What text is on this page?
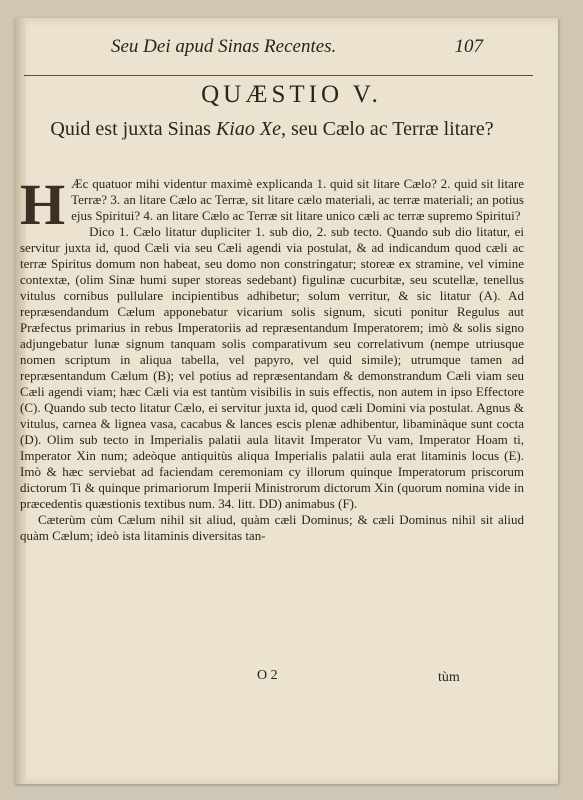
Seu Dei apud Sinas Recentes.	107
QUÆSTIO V.
Quid est juxta Sinas Kiao Xe, seu Cælo ac Terræ litare?

H Æc quatuor mihi videntur maximè explicanda 1. quid sit litare Cælo? 2. quid sit litare Terræ? 3. an litare Cælo ac Terræ, sit litare cælo materiali, ac terræ materiali; an potius ejus Spiritui? 4. an litare Cælo ac Terræ sit litare unico cæli ac terræ supremo Spiritui?

Dico 1. Cælo litatur dupliciter 1. sub dio, 2. sub tecto. Quando sub dio litatur, ei servitur juxta id, quod Cæli via seu Cæli agendi via postulat, & ad indicandum quod cæli ac terræ Spiritus domum non habeat, seu domo non constringatur; storeæ ex stramine, vel vimine contextæ, (olim Sinæ humi super storeas sedebant) figulinæ cucurbitæ, seu scutellæ, tenellus vitulus cornibus pullulare incipientibus adhibetur; solum verritur, & sic litatur (A). Ad repræsendandum Cælum apponebatur vicarium solis signum, sicuti ponitur Regulus aut Præfectus primarius in rebus Imperatoriis ad repræsentandum Imperatorem; imò & solis signo adjungebatur lunæ signum tanquam solis comparativum seu correlativum (nempe utriusque nomen scriptum in aliqua tabella, vel papyro, vel quid simile); utrumque tamen ad repræsentandum Cælum (B); vel potius ad repræsentandam & demonstrandum Cæli viam seu Cæli agendi viam; hæc Cæli via est tantùm visibilis in suis effectis, non autem in ipso Effectore (C). Quando sub tecto litatur Cælo, ei servitur juxta id, quod cæli Domini via postulat. Agnus & vitulus, carnea & lignea vasa, cacabus & lances escis plenæ adhibentur, libaminàque sunt cocta (D). Olim sub tecto in Imperialis palatii aula litavit Imperator Vu vam, Imperator Hoam ti, Imperator Xin num; adeòque antiquitùs aliqua Imperialis palatii aula erat litaminis locus (E). Imò & hæc serviebat ad faciendam ceremoniam cy illorum quinque Imperatorum priscorum dictorum Ti & quinque primariorum Imperii Ministrorum dictorum Xin (quorum nomina vide in præcedentis quæstionis textibus num. 34. litt. DD) animabus (F).

Cæterùm cùm Cælum nihil sit aliud, quàm cæli Dominus; & cæli Dominus nihil sit aliud quàm Cælum; ideò ista litaminis diversitas tan-

O 2	tùm
